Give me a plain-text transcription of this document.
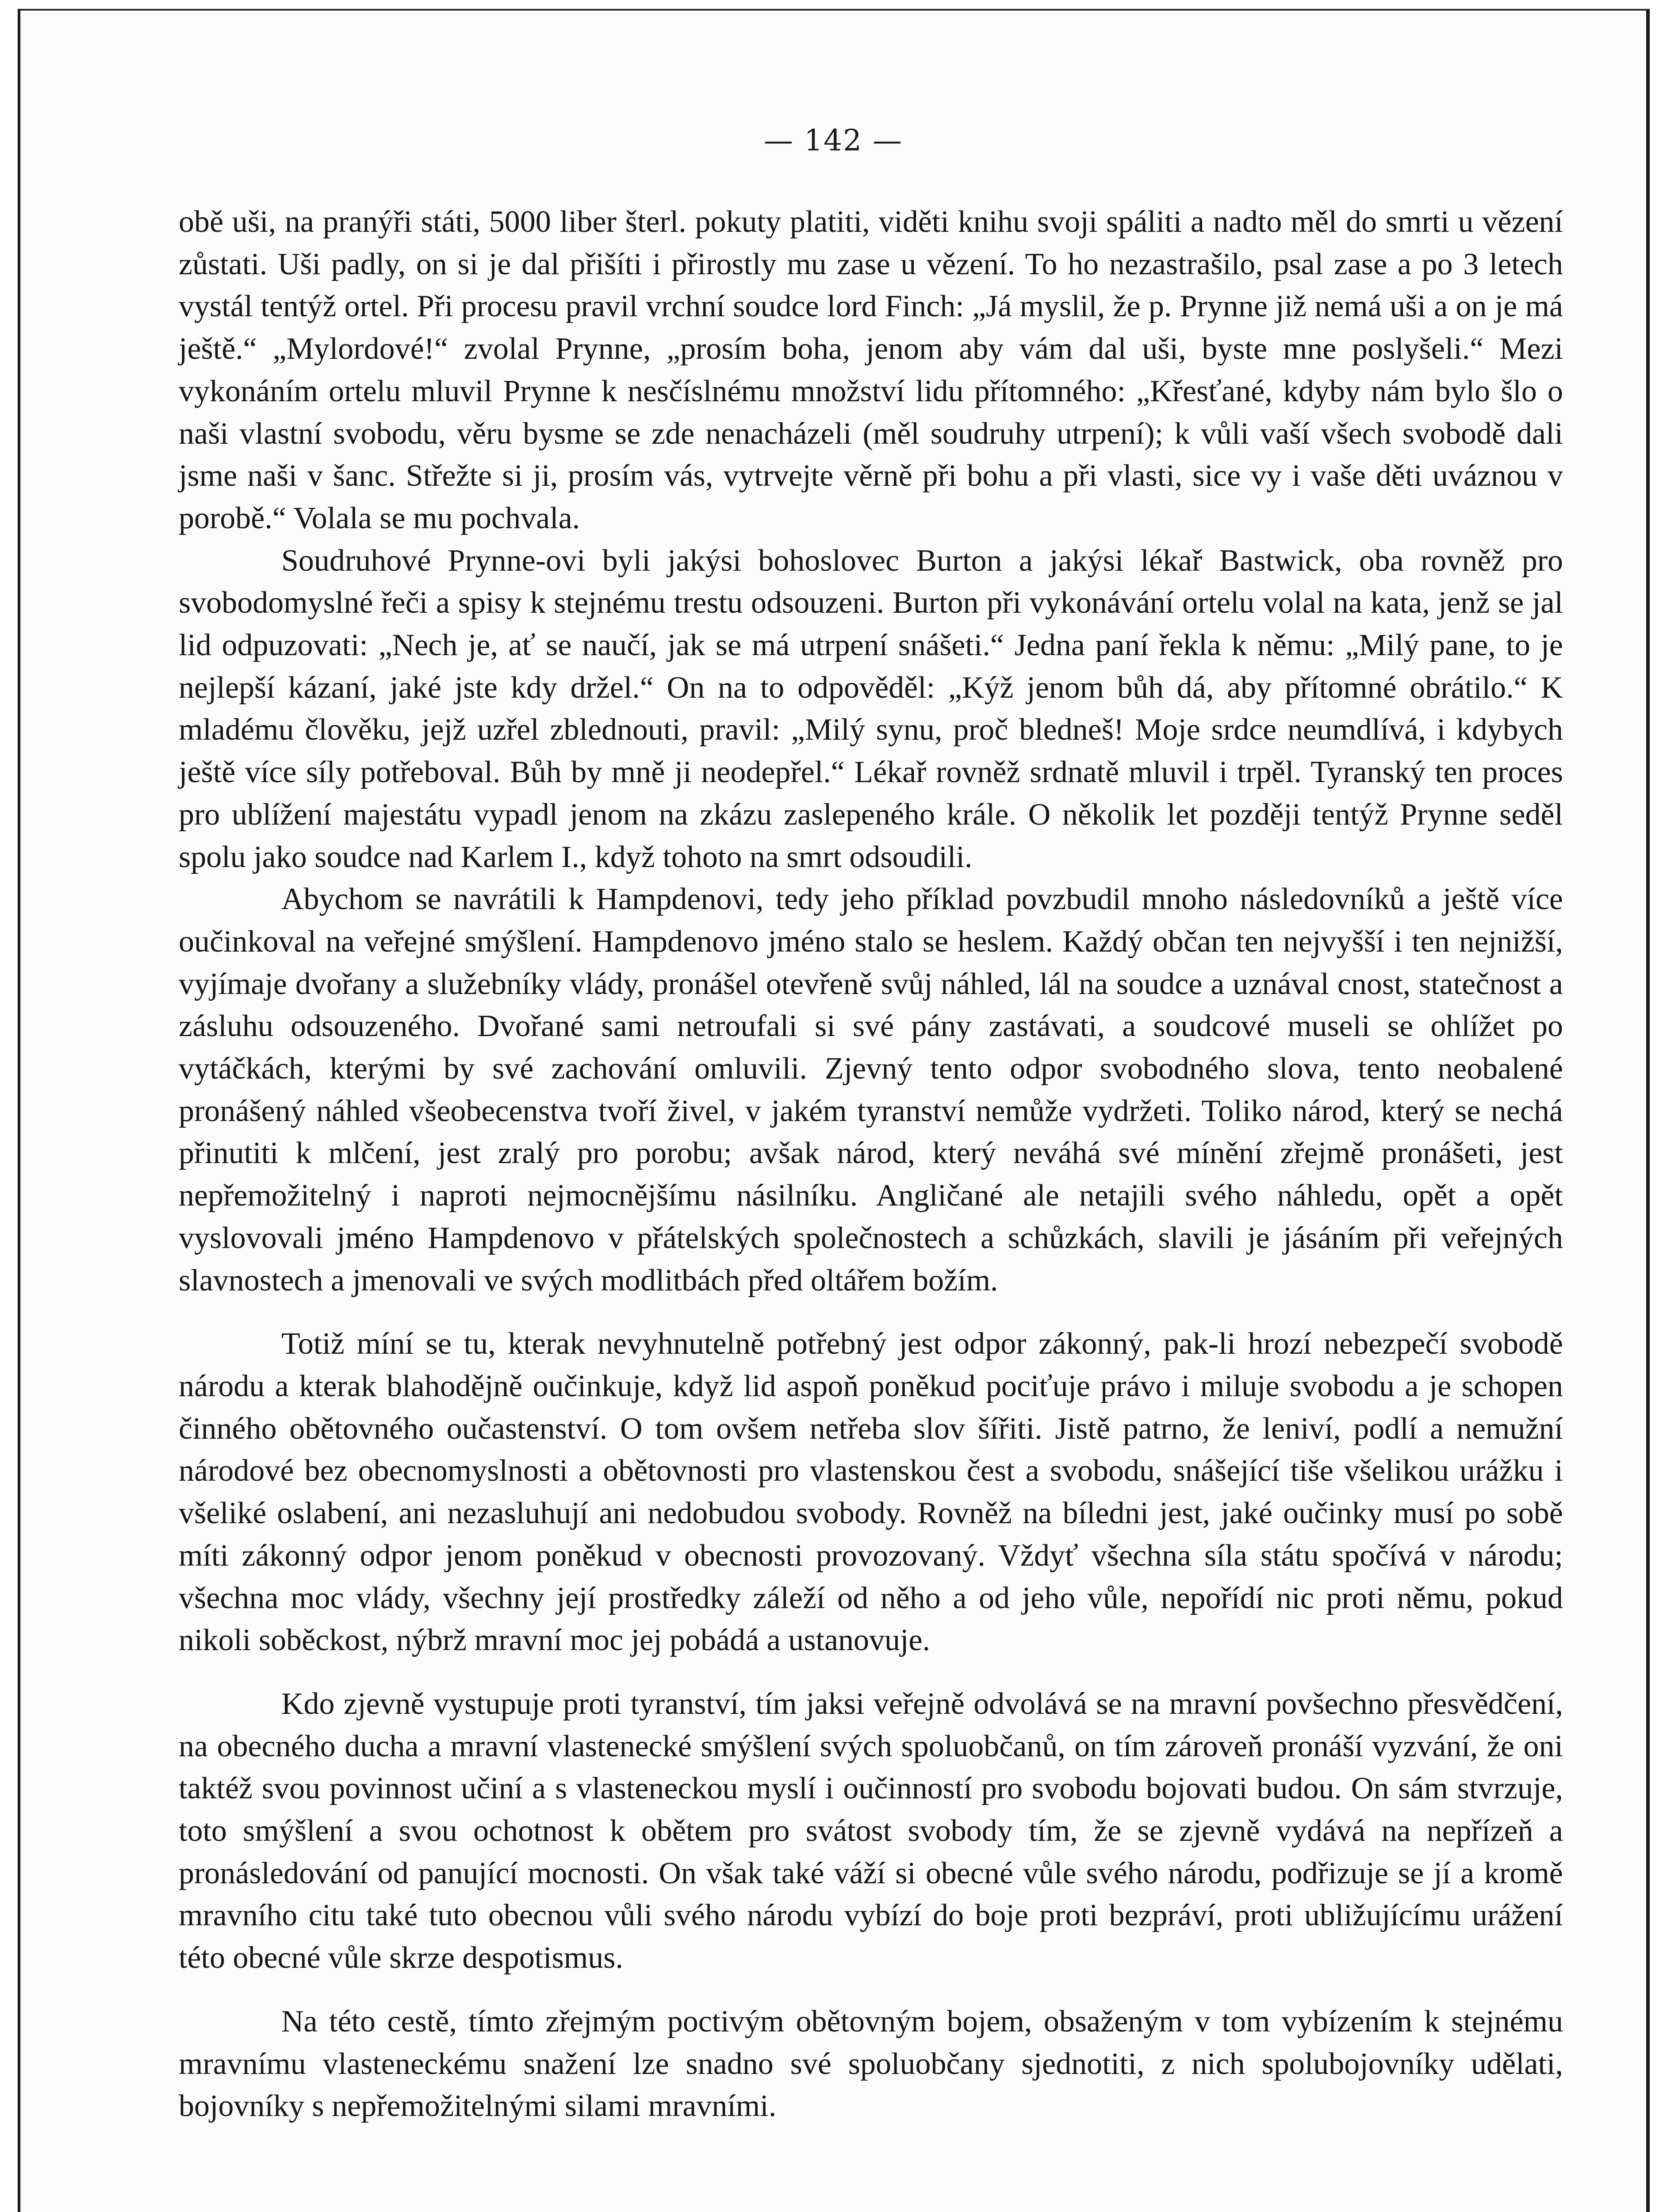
— 142 —

obě uši, na pranýři státi, 5000 liber šterl. pokuty platiti, viděti knihu svoji spáliti a nadto měl do smrti u vězení zůstati. Uši padly, on si je dal přišíti i přirostly mu zase u vězení. To ho nezastrašilo, psal zase a po 3 letech vystál tentýž ortel. Při procesu pravil vrchní soudce lord Finch: „Já myslil, že p. Prynne již nemá uši a on je má ještě.“ „Mylordové!“ zvolal Prynne, „prosím boha, jenom aby vám dal uši, byste mne poslyšeli.“ Mezi vykonáním ortelu mluvil Prynne k nesčíslnému množství lidu přítomného: „Křesťané, kdyby nám bylo šlo o naši vlastní svobodu, věru bysme se zde nenacházeli (měl soudruhy utrpení); k vůli vaší všech svobodě dali jsme naši v šanc. Střežte si ji, prosím vás, vytrvejte věrně při bohu a při vlasti, sice vy i vaše děti uváznou v porobě.“ Volala se mu pochvala.

Soudruhové Prynne-ovi byli jakýsi bohoslovec Burton a jakýsi lékař Bastwick, oba rovněž pro svobodomyslné řeči a spisy k stejnému trestu odsouzeni. Burton při vykonávání ortelu volal na kata, jenž se jal lid odpuzovati: „Nech je, ať se naučí, jak se má utrpení snášeti.“ Jedna paní řekla k němu: „Milý pane, to je nejlepší kázaní, jaké jste kdy držel.“ On na to odpověděl: „Kýž jenom bůh dá, aby přítomné obrátilo.“ K mladému člověku, jejž uzřel zblednouti, pravil: „Milý synu, proč bledneš! Moje srdce neumdlívá, i kdybych ještě více síly potřeboval. Bůh by mně ji neodepřel.“ Lékař rovněž srdnatě mluvil i trpěl. Tyranský ten proces pro ublížení majestátu vypadl jenom na zkázu zaslepeného krále. O několik let později tentýž Prynne seděl spolu jako soudce nad Karlem I., když tohoto na smrt odsoudili.

Abychom se navrátili k Hampdenovi, tedy jeho příklad povzbudil mnoho následovníků a ještě více oučinkoval na veřejné smýšlení. Hampdenovo jméno stalo se heslem. Každý občan ten nejvyšší i ten nejnižší, vyjímaje dvořany a služebníky vlády, pronášel otevřeně svůj náhled, lál na soudce a uznával cnost, statečnost a zásluhu odsouzeného. Dvořané sami netroufali si své pány zastávati, a soudcové museli se ohlížet po vytáčkách, kterými by své zachování omluvili. Zjevný tento odpor svobodného slova, tento neobalené pronášený náhled všeobecenstva tvoří živel, v jakém tyranství nemůže vydržeti. Toliko národ, který se nechá přinutiti k mlčení, jest zralý pro porobu; avšak národ, který neváhá své mínění zřejmě pronášeti, jest nepřemožitelný i naproti nejmocnějšímu násilníku. Angličané ale netajili svého náhledu, opět a opět vyslovovali jméno Hampdenovo v přátelských společnostech a schůzkách, slavili je jásáním při veřejných slavnostech a jmenovali ve svých modlitbách před oltářem božím.

Totiž míní se tu, kterak nevyhnutelně potřebný jest odpor zákonný, pak-li hrozí nebezpečí svobodě národu a kterak blahodějně oučinkuje, když lid aspoň poněkud pociťuje právo i miluje svobodu a je schopen činného obětovného oučastenství. O tom ovšem netřeba slov šířiti. Jistě patrno, že leniví, podlí a nemužní národové bez obecnomyslnosti a obětovnosti pro vlastenskou čest a svobodu, snášející tiše všelikou urážku i všeliké oslabení, ani nezasluhují ani nedobudou svobody. Rovněž na bíledni jest, jaké oučinky musí po sobě míti zákonný odpor jenom poněkud v obecnosti provozovaný. Vždyť všechna síla státu spočívá v národu; všechna moc vlády, všechny její prostředky záleží od něho a od jeho vůle, nepořídí nic proti němu, pokud nikoli soběckost, nýbrž mravní moc jej pobádá a ustanovuje.

Kdo zjevně vystupuje proti tyranství, tím jaksi veřejně odvolává se na mravní povšechno přesvědčení, na obecného ducha a mravní vlastenecké smýšlení svých spoluobčanů, on tím zároveň pronáší vyzvání, že oni taktéž svou povinnost učiní a s vlasteneckou myslí i oučinností pro svobodu bojovati budou. On sám stvrzuje, toto smýšlení a svou ochotnost k obětem pro svátost svobody tím, že se zjevně vydává na nepřízeň a pronásledování od panující mocnosti. On však také váží si obecné vůle svého národu, podřizuje se jí a kromě mravního citu také tuto obecnou vůli svého národu vybízí do boje proti bezpráví, proti ubližujícímu urážení této obecné vůle skrze despotismus.

Na této cestě, tímto zřejmým poctivým obětovným bojem, obsaženým v tom vybízením k stejnému mravnímu vlasteneckému snažení lze snadno své spoluobčany sjednotiti, z nich spolubojovníky udělati, bojovníky s nepřemožitelnými silami mravními.
